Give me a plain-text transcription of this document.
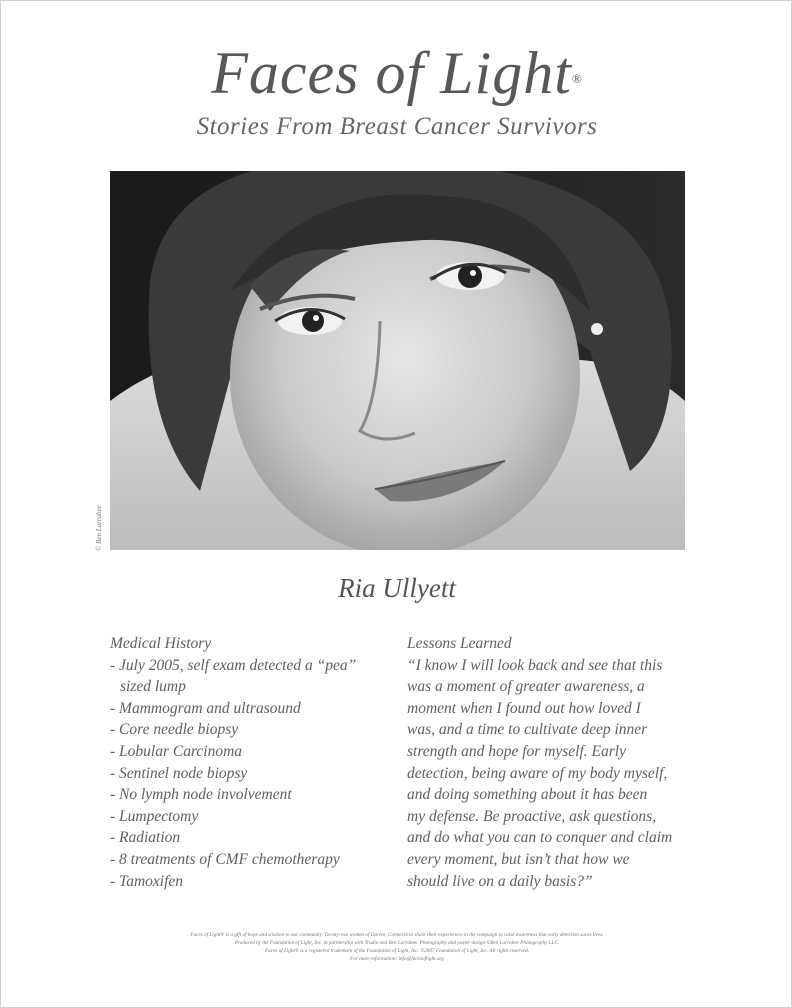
Faces of Light®
Stories From Breast Cancer Survivors
© Ben Larrabee
Ria Ullyett
Medical History
- July 2005, self exam detected a “pea” sized lump
- Mammogram and ultrasound
- Core needle biopsy
- Lobular Carcinoma
- Sentinel node biopsy
- No lymph node involvement
- Lumpectomy
- Radiation
- 8 treatments of CMF chemotherapy
- Tamoxifen
Lessons Learned
“I know I will look back and see that this
was a moment of greater awareness, a
moment when I found out how loved I
was, and a time to cultivate deep inner
strength and hope for myself. Early
detection, being aware of my body myself,
and doing something about it has been
my defense. Be proactive, ask questions,
and do what you can to conquer and claim
every moment, but isn’t that how we
should live on a daily basis?”
Faces of Light® is a gift of hope and wisdom to our community. Twenty-two women of Darien, Connecticut share their experiences in the campaign to raise awareness that early detection saves lives.
Produced by the Foundation of Light, Inc. in partnership with Trudie and Ben Larrabee. Photography and poster design ©Ben Larrabee Photography LLC.
Faces of Light® is a registered trademark of the Foundation of Light, Inc. ©2007 Foundation of Light, Inc. All rights reserved.
For more information: info@facesoflight.org
